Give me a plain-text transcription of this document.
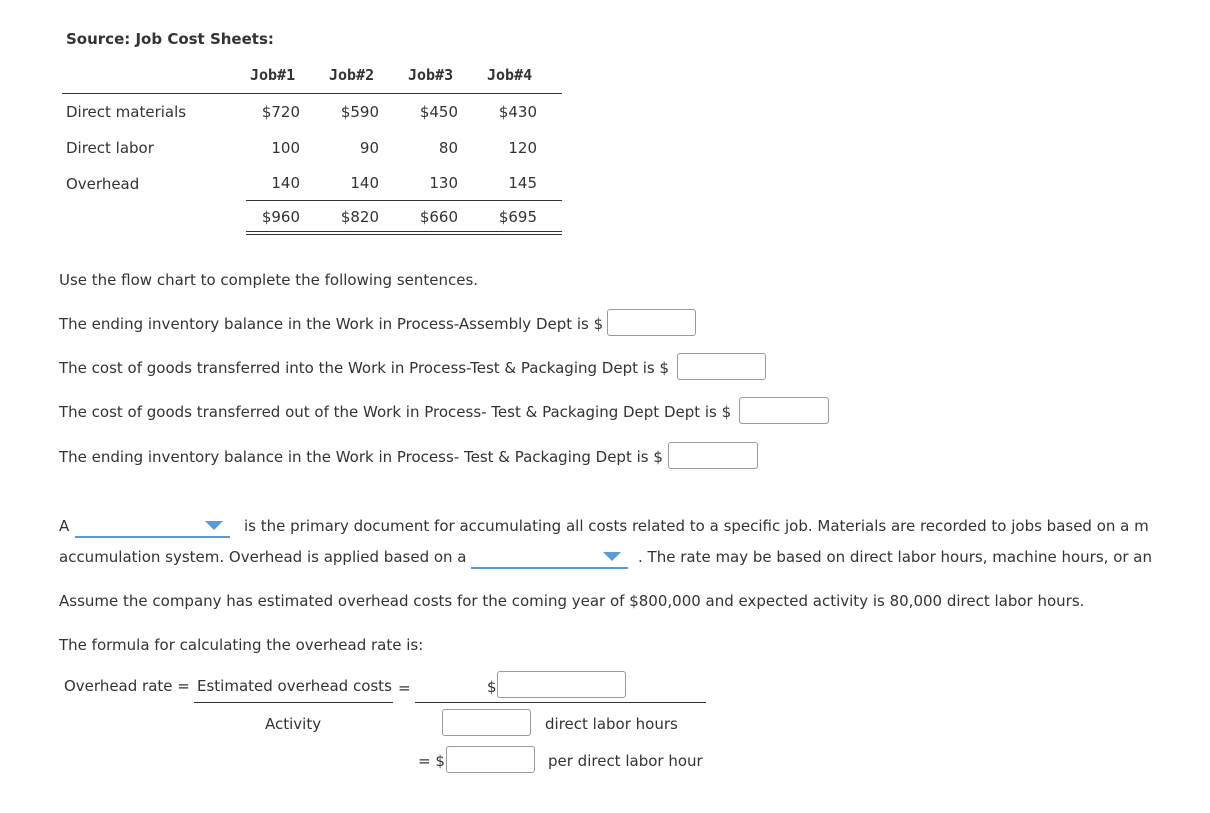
Source: Job Cost Sheets:
Job#1 Job#2 Job#3 Job#4
Direct materials	$720	$590	$450	$430
Direct labor	100	90	80	120
Overhead	140	140	130	145
$960	$820	$660	$695
Use the flow chart to complete the following sentences.
The ending inventory balance in the Work in Process-Assembly Dept is $
The cost of goods transferred into the Work in Process-Test & Packaging Dept is $
The cost of goods transferred out of the Work in Process- Test & Packaging Dept Dept is $
The ending inventory balance in the Work in Process- Test & Packaging Dept is $
A	is the primary document for accumulating all costs related to a specific job. Materials are recorded to jobs based on a m
accumulation system. Overhead is applied based on a	. The rate may be based on direct labor hours, machine hours, or an
Assume the company has estimated overhead costs for the coming year of $800,000 and expected activity is 80,000 direct labor hours.
The formula for calculating the overhead rate is:
Overhead rate = Estimated overhead costs =
Activity
$
direct labor hours
= $	per direct labor hour
